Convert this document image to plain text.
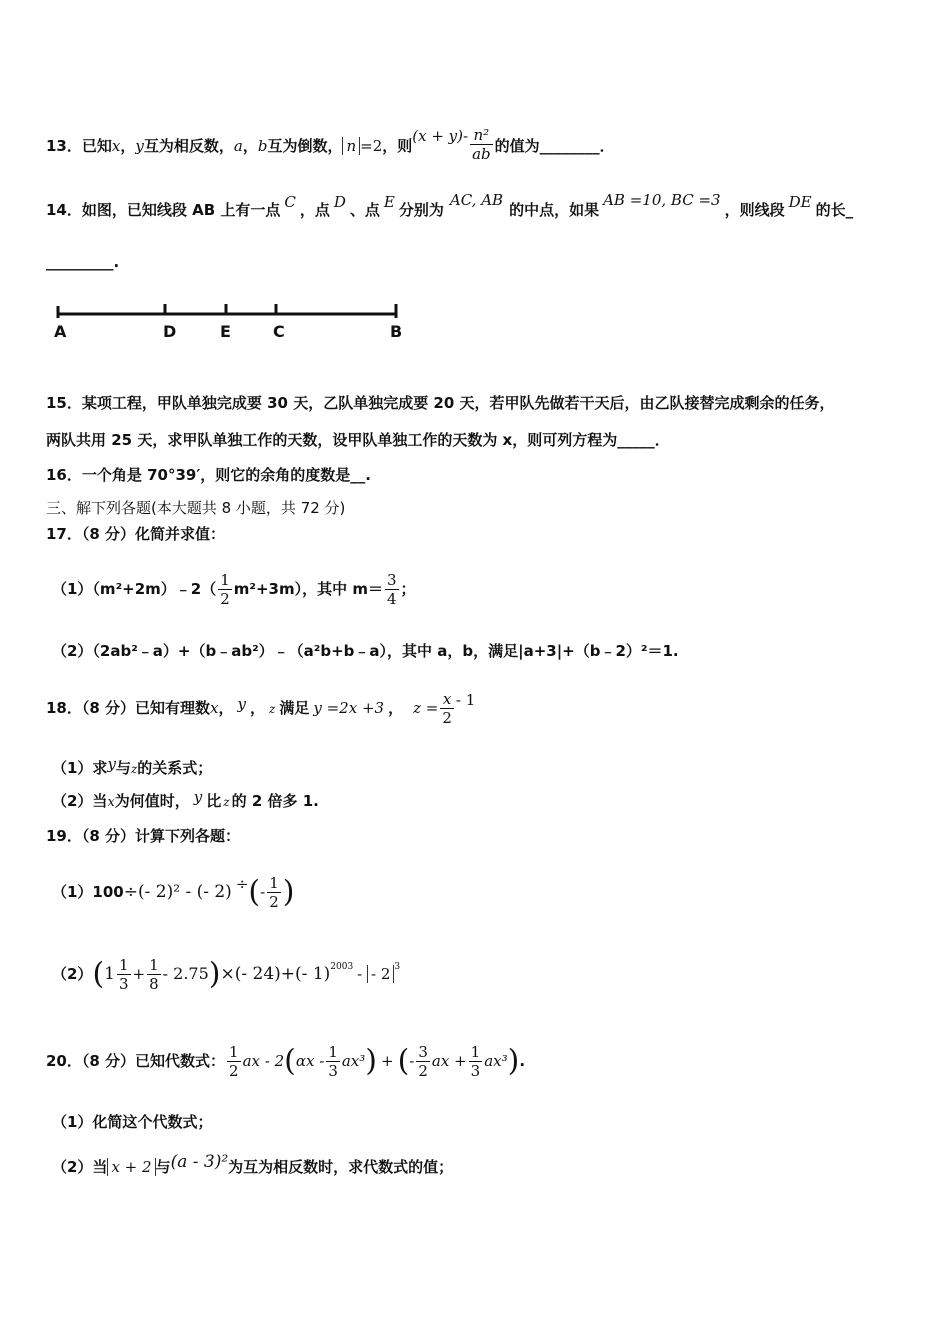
13．已知x，y互为相反数，a，b互为倒数， n =2，则$(x + y)- \frac{\text{n²}}{ab}$ 的值为________．
14．如图，已知线段 AB 上有一点 C ，点 D 、点 E 分别为AC, AB的中点，如果AB =10, BC =3，则线段 DE 的长_
_________.
A	D	E	C	B
15．某项工程，甲队单独完成要 30 天，乙队单独完成要 20 天，若甲队先做若干天后，由乙队接替完成剩余的任务，
两队共用 25 天，求甲队单独工作的天数，设甲队单独工作的天数为 x，则可列方程为_____．
16．一个角是 70°39′，则它的余角的度数是__.
三、解下列各题(本大题共 8 小题，共 72 分)
17．（8 分）化简并求值：
（1）（m²+2m）﹣2（ $\frac{1}{2} m^2+3m$），其中 $m= \frac{3}{4}$ ；
（2）（2ab²﹣a）+（b﹣ab²）﹣（a²b+b﹣a），其中 a，b，满足|a+3|+（b﹣2）²＝1.
18．（8 分）已知有理数x， y ， z 满足 y =2x +3 ， $z = \frac{x}{2} - 1$
（1）求y与z的关系式；
（2）当x为何值时， y 比 z 的 2 倍多 1.
19．（8 分）计算下列各题：
（1）100÷(- 2)² - (- 2) ÷(- $\frac{1}{2}$ )
$(2)(1 \frac{1}{3} + \frac{1}{8} - 2.75)\times(-$ 24)+(- 1)$^{2003}$ - - 2 $^3$
20．（8 分）已知代数式： $\frac{1}{2}$ ax - $2(\alpha x - \frac{1}{3} ax^3)$ + (- $\frac{3}{2}$ ax + $\frac{1}{3} ax^3$).
（1）化简这个代数式；
（2）当 x + 2 与(a - 3)²为互为相反数时，求代数式的值；
